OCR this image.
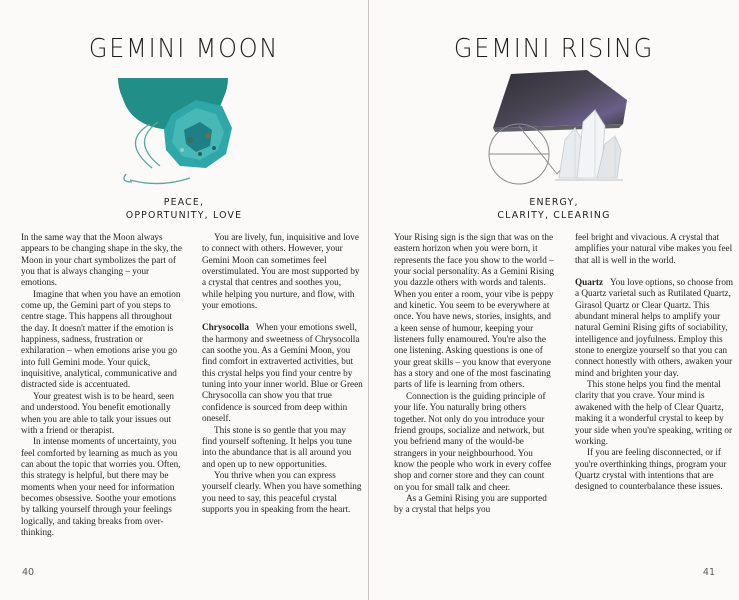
GEMINI MOON
PEACE,
OPPORTUNITY, LOVE

In the same way that the Moon always appears to be changing shape in the sky, the Moon in your chart symbolizes the part of you that is always changing – your emotions.

Imagine that when you have an emotion come up, the Gemini part of you steps to centre stage. This happens all throughout the day. It doesn't matter if the emotion is happiness, sadness, frustration or exhilaration – when emotions arise you go into full Gemini mode. Your quick, inquisitive, analytical, communicative and distracted side is accentuated.

Your greatest wish is to be heard, seen and understood. You benefit emotionally when you are able to talk your issues out with a friend or therapist.

In intense moments of uncertainty, you feel comforted by learning as much as you can about the topic that worries you. Often, this strategy is helpful, but there may be moments when your need for information becomes obsessive. Soothe your emotions by talking yourself through your feelings logically, and taking breaks from over-thinking.

You are lively, fun, inquisitive and love to connect with others. However, your Gemini Moon can sometimes feel overstimulated. You are most supported by a crystal that centres and soothes you, while helping you nurture, and flow, with your emotions.

Chrysocolla When your emotions swell, the harmony and sweetness of Chrysocolla can soothe you. As a Gemini Moon, you find comfort in extraverted activities, but this crystal helps you find your centre by tuning into your inner world. Blue or Green Chrysocolla can show you that true confidence is sourced from deep within oneself.

This stone is so gentle that you may find yourself softening. It helps you tune into the abundance that is all around you and open up to new opportunities.

You thrive when you can express yourself clearly. When you have something you need to say, this peaceful crystal supports you in speaking from the heart.

40
GEMINI RISING
ENERGY,
CLARITY, CLEARING

Your Rising sign is the sign that was on the eastern horizon when you were born, it represents the face you show to the world – your social personality. As a Gemini Rising you dazzle others with words and talents. When you enter a room, your vibe is peppy and kinetic. You seem to be everywhere at once. You have news, stories, insights, and a keen sense of humour, keeping your listeners fully enamoured. You're also the one listening. Asking questions is one of your great skills – you know that everyone has a story and one of the most fascinating parts of life is learning from others.

Connection is the guiding principle of your life. You naturally bring others together. Not only do you introduce your friend groups, socialize and network, but you befriend many of the would-be strangers in your neighbourhood. You know the people who work in every coffee shop and corner store and they can count on you for small talk and cheer.

As a Gemini Rising you are supported by a crystal that helps you

feel bright and vivacious. A crystal that amplifies your natural vibe makes you feel that all is well in the world.

Quartz You love options, so choose from a Quartz varietal such as Rutilated Quartz, Girasol Quartz or Clear Quartz. This abundant mineral helps to amplify your natural Gemini Rising gifts of sociability, intelligence and joyfulness. Employ this stone to energize yourself so that you can connect honestly with others, awaken your mind and brighten your day.

This stone helps you find the mental clarity that you crave. Your mind is awakened with the help of Clear Quartz, making it a wonderful crystal to keep by your side when you're speaking, writing or working.

If you are feeling disconnected, or if you're overthinking things, program your Quartz crystal with intentions that are designed to counterbalance these issues.

41
